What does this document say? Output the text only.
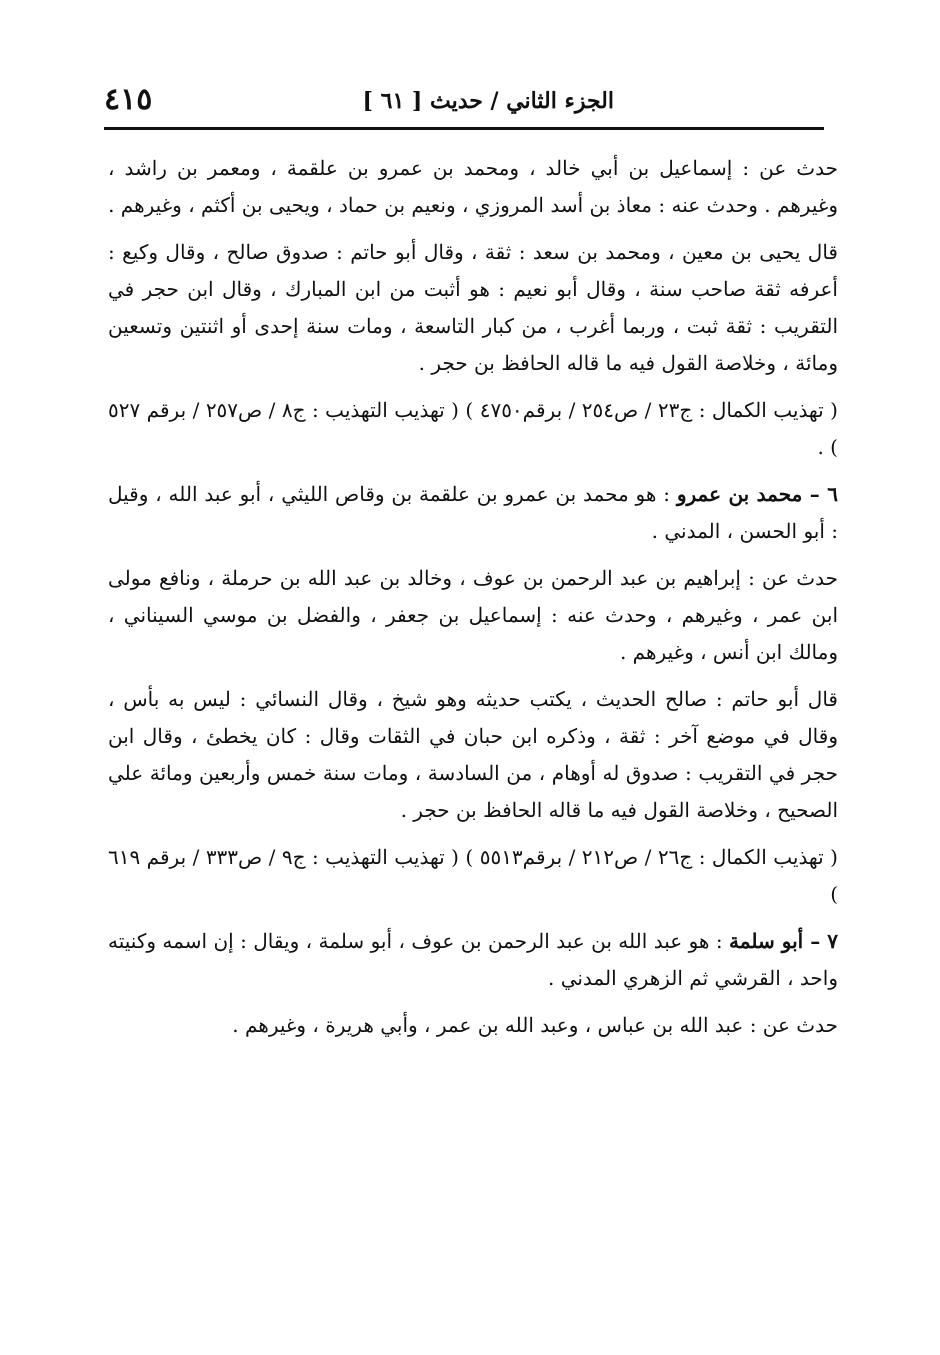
٤١٥	الجزء الثاني / حديث [ ٦١ ]

حدث عن : إسماعيل بن أبي خالد ، ومحمد بن عمرو بن علقمة ، ومعمر بن راشد ، وغيرهم . وحدث عنه : معاذ بن أسد المروزي ، ونعيم بن حماد ، ويحيى بن أكثم ، وغيرهم .

قال يحيى بن معين ، ومحمد بن سعد : ثقة ، وقال أبو حاتم : صدوق صالح ، وقال وكيع : أعرفه ثقة صاحب سنة ، وقال أبو نعيم : هو أثبت من ابن المبارك ، وقال ابن حجر في التقريب : ثقة ثبت ، وربما أغرب ، من كبار التاسعة ، ومات سنة إحدى أو اثنتين وتسعين ومائة ، وخلاصة القول فيه ما قاله الحافظ بن حجر .

( تهذيب الكمال : ج٢٣ / ص٢٥٤ / برقم٤٧٥٠ ) ( تهذيب التهذيب : ج٨ / ص٢٥٧ / برقم ٥٢٧ ) .

٦ – محمد بن عمرو : هو محمد بن عمرو بن علقمة بن وقاص الليثي ، أبو عبد الله ، وقيل : أبو الحسن ، المدني .

حدث عن : إبراهيم بن عبد الرحمن بن عوف ، وخالد بن عبد الله بن حرملة ، ونافع مولى ابن عمر ، وغيرهم ، وحدث عنه : إسماعيل بن جعفر ، والفضل بن موسي السيناني ، ومالك ابن أنس ، وغيرهم .

قال أبو حاتم : صالح الحديث ، يكتب حديثه وهو شيخ ، وقال النسائي : ليس به بأس ، وقال في موضع آخر : ثقة ، وذكره ابن حبان في الثقات وقال : كان يخطئ ، وقال ابن حجر في التقريب : صدوق له أوهام ، من السادسة ، ومات سنة خمس وأربعين ومائة علي الصحيح ، وخلاصة القول فيه ما قاله الحافظ بن حجر .

( تهذيب الكمال : ج٢٦ / ص٢١٢ / برقم٥٥١٣ ) ( تهذيب التهذيب : ج٩ / ص٣٣٣ / برقم ٦١٩ )

٧ – أبو سلمة : هو عبد الله بن عبد الرحمن بن عوف ، أبو سلمة ، ويقال : إن اسمه وكنيته واحد ، القرشي ثم الزهري المدني .

حدث عن : عبد الله بن عباس ، وعبد الله بن عمر ، وأبي هريرة ، وغيرهم .
